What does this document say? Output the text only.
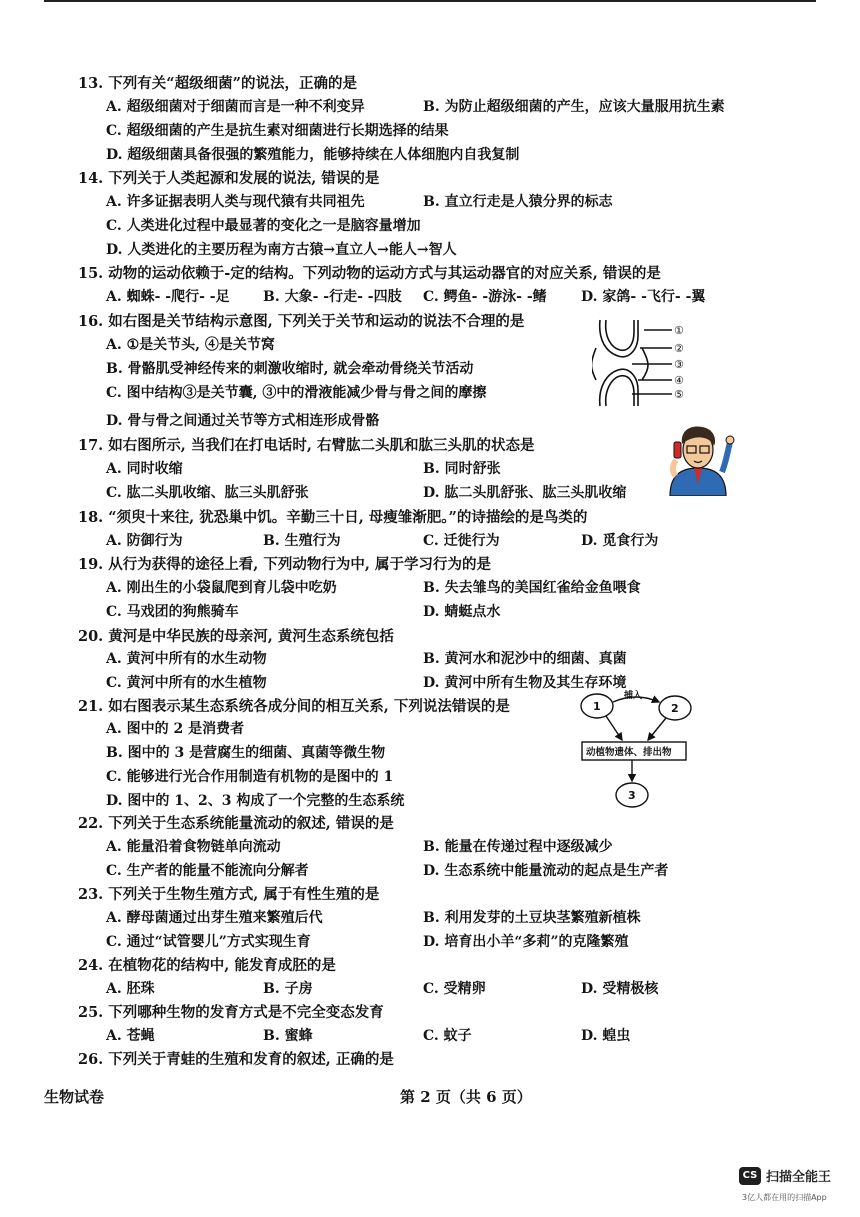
13. 下列有关“超级细菌”的说法，正确的是
A. 超级细菌对于细菌而言是一种不利变异	B. 为防止超级细菌的产生，应该大量服用抗生素
C. 超级细菌的产生是抗生素对细菌进行长期选择的结果
D. 超级细菌具备很强的繁殖能力，能够持续在人体细胞内自我复制
14. 下列关于人类起源和发展的说法, 错误的是
A. 许多证据表明人类与现代猿有共同祖先	B. 直立行走是人猿分界的标志
C. 人类进化过程中最显著的变化之一是脑容量增加
D. 人类进化的主要历程为南方古猿→直立人→能人→智人
15. 动物的运动依赖于-定的结构。下列动物的运动方式与其运动器官的对应关系, 错误的是
A. 蜘蛛- -爬行- -足 B. 大象- -行走- -四肢 C. 鳄鱼- -游泳- -鳍 D. 家鸽- -飞行- -翼
16. 如右图是关节结构示意图, 下列关于关节和运动的说法不合理的是
A. ①是关节头, ④是关节窝
B. 骨骼肌受神经传来的刺激收缩时, 就会牵动骨绕关节活动
C. 图中结构③是关节囊, ③中的滑液能减少骨与骨之间的摩擦
D. 骨与骨之间通过关节等方式相连形成骨骼
①
②
③
④
⑤
17. 如右图所示, 当我们在打电话时, 右臂肱二头肌和肱三头肌的状态是
A. 同时收缩	B. 同时舒张
C. 肱二头肌收缩、肱三头肌舒张	D. 肱二头肌舒张、肱三头肌收缩
18. “须臾十来往, 犹恐巢中饥。辛勤三十日, 母瘦雏渐肥。”的诗描绘的是鸟类的
A. 防御行为	B. 生殖行为	C. 迁徙行为	D. 觅食行为
19. 从行为获得的途径上看, 下列动物行为中, 属于学习行为的是
A. 刚出生的小袋鼠爬到育儿袋中吃奶	B. 失去雏鸟的美国红雀给金鱼喂食
C. 马戏团的狗熊骑车	D. 蜻蜓点水
20. 黄河是中华民族的母亲河, 黄河生态系统包括
A. 黄河中所有的水生动物	B. 黄河水和泥沙中的细菌、真菌
C. 黄河中所有的水生植物	D. 黄河中所有生物及其生存环境
21. 如右图表示某生态系统各成分间的相互关系, 下列说法错误的是
A. 图中的 2 是消费者
B. 图中的 3 是营腐生的细菌、真菌等微生物
C. 能够进行光合作用制造有机物的是图中的 1
D. 图中的 1、2、3 构成了一个完整的生态系统
1	2
3
捕入
动植物遗体、排出物
22. 下列关于生态系统能量流动的叙述, 错误的是
A. 能量沿着食物链单向流动	B. 能量在传递过程中逐级减少
C. 生产者的能量不能流向分解者	D. 生态系统中能量流动的起点是生产者
23. 下列关于生物生殖方式, 属于有性生殖的是
A. 酵母菌通过出芽生殖来繁殖后代	B. 利用发芽的土豆块茎繁殖新植株
C. 通过“试管婴儿”方式实现生育	D. 培育出小羊“多莉”的克隆繁殖
24. 在植物花的结构中, 能发育成胚的是
A. 胚珠	B. 子房	C. 受精卵	D. 受精极核
25. 下列哪种生物的发育方式是不完全变态发育
A. 苍蝇	B. 蜜蜂	C. 蚊子	D. 蝗虫
26. 下列关于青蛙的生殖和发育的叙述, 正确的是
生物试卷	第 2 页（共 6 页）
CS 扫描全能王
3亿人都在用的扫描App
